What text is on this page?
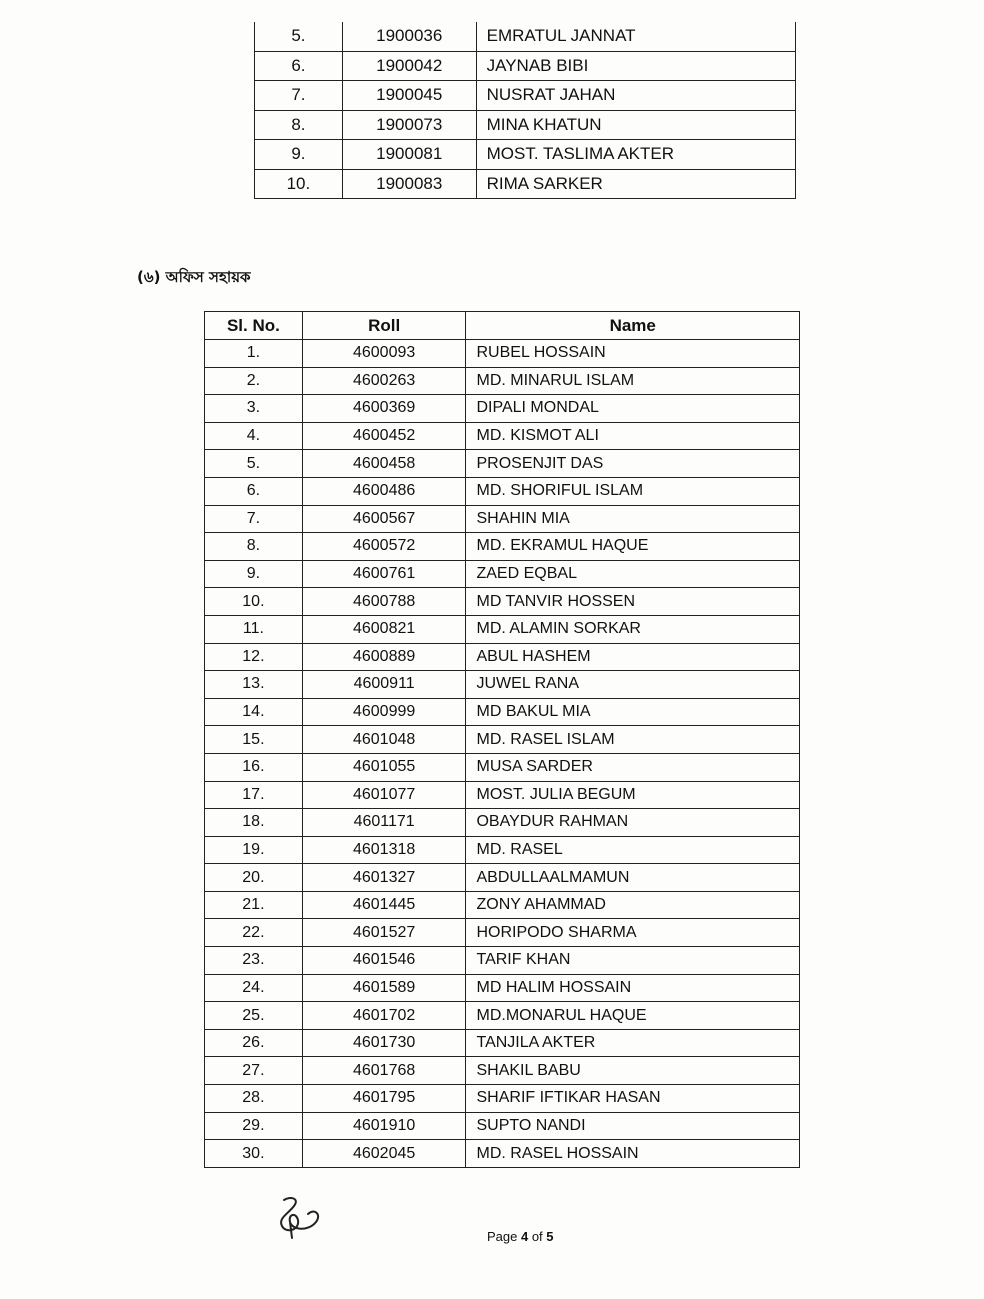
5.	1900036	EMRATUL JANNAT
6.	1900042	JAYNAB BIBI
7.	1900045	NUSRAT JAHAN
8.	1900073	MINA KHATUN
9.	1900081	MOST. TASLIMA AKTER
10.	1900083	RIMA SARKER
(৬) অফিস সহায়ক
Sl. No.	Roll	Name
1.	4600093	RUBEL HOSSAIN
2.	4600263	MD. MINARUL ISLAM
3.	4600369	DIPALI MONDAL
4.	4600452	MD. KISMOT ALI
5.	4600458	PROSENJIT DAS
6.	4600486	MD. SHORIFUL ISLAM
7.	4600567	SHAHIN MIA
8.	4600572	MD. EKRAMUL HAQUE
9.	4600761	ZAED EQBAL
10.	4600788	MD TANVIR HOSSEN
11.	4600821	MD. ALAMIN SORKAR
12.	4600889	ABUL HASHEM
13.	4600911	JUWEL RANA
14.	4600999	MD BAKUL MIA
15.	4601048	MD. RASEL ISLAM
16.	4601055	MUSA SARDER
17.	4601077	MOST. JULIA BEGUM
18.	4601171	OBAYDUR RAHMAN
19.	4601318	MD. RASEL
20.	4601327	ABDULLAALMAMUN
21.	4601445	ZONY AHAMMAD
22.	4601527	HORIPODO SHARMA
23.	4601546	TARIF KHAN
24.	4601589	MD HALIM HOSSAIN
25.	4601702	MD.MONARUL HAQUE
26.	4601730	TANJILA AKTER
27.	4601768	SHAKIL BABU
28.	4601795	SHARIF IFTIKAR HASAN
29.	4601910	SUPTO NANDI
30.	4602045	MD. RASEL HOSSAIN
Page 4 of 5
